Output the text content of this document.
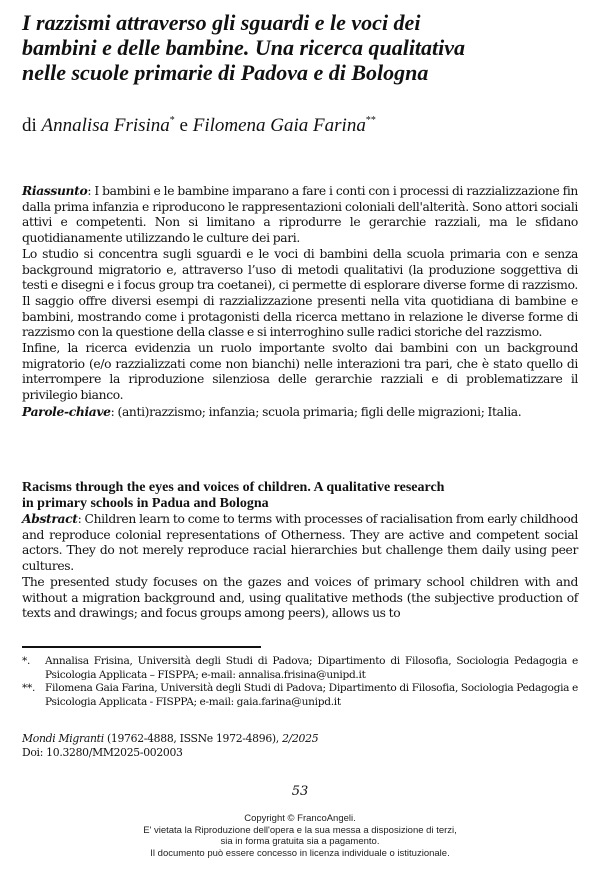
I razzismi attraverso gli sguardi e le voci dei
bambini e delle bambine. Una ricerca qualitativa
nelle scuole primarie di Padova e di Bologna

di Annalisa Frisina* e Filomena Gaia Farina**

Riassunto: I bambini e le bambine imparano a fare i conti con i processi di razzializzazione fin dalla prima infanzia e riproducono le rappresentazioni coloniali dell'alterità. Sono attori sociali attivi e competenti. Non si limitano a riprodurre le gerarchie razziali, ma le sfidano quotidianamente utilizzando le culture dei pari.

Lo studio si concentra sugli sguardi e le voci di bambini della scuola primaria con e senza background migratorio e, attraverso l’uso di metodi qualitativi (la produzione soggettiva di testi e disegni e i focus group tra coetanei), ci permette di esplorare diverse forme di razzismo. Il saggio offre diversi esempi di razzializzazione presenti nella vita quotidiana di bambine e bambini, mostrando come i protagonisti della ricerca mettano in relazione le diverse forme di razzismo con la questione della classe e si interroghino sulle radici storiche del razzismo.

Infine, la ricerca evidenzia un ruolo importante svolto dai bambini con un background migratorio (e/o razzializzati come non bianchi) nelle interazioni tra pari, che è stato quello di interrompere la riproduzione silenziosa delle gerarchie razziali e di problematizzare il privilegio bianco.

Parole-chiave: (anti)razzismo; infanzia; scuola primaria; figli delle migrazioni; Italia.

Racisms through the eyes and voices of children. A qualitative research
in primary schools in Padua and Bologna

Abstract: Children learn to come to terms with processes of racialisation from early childhood and reproduce colonial representations of Otherness. They are active and competent social actors. They do not merely reproduce racial hierarchies but challenge them daily using peer cultures.

The presented study focuses on the gazes and voices of primary school children with and without a migration background and, using qualitative methods (the subjective production of texts and drawings; and focus groups among peers), allows us to

*.	Annalisa Frisina, Università degli Studi di Padova; Dipartimento di Filosofia, Sociologia Pedagogia e Psicologia Applicata – FISPPA; e-mail: annalisa.frisina@unipd.it
**. Filomena Gaia Farina, Università degli Studi di Padova; Dipartimento di Filosofia, Sociologia Pedagogia e Psicologia Applicata - FISPPA; e-mail: gaia.farina@unipd.it
Mondi Migranti (19762-4888, ISSNe 1972-4896), 2/2025
Doi: 10.3280/MM2025-002003
53
Copyright © FrancoAngeli.
E' vietata la Riproduzione dell'opera e la sua messa a disposizione di terzi,
sia in forma gratuita sia a pagamento.
Il documento può essere concesso in licenza individuale o istituzionale.
